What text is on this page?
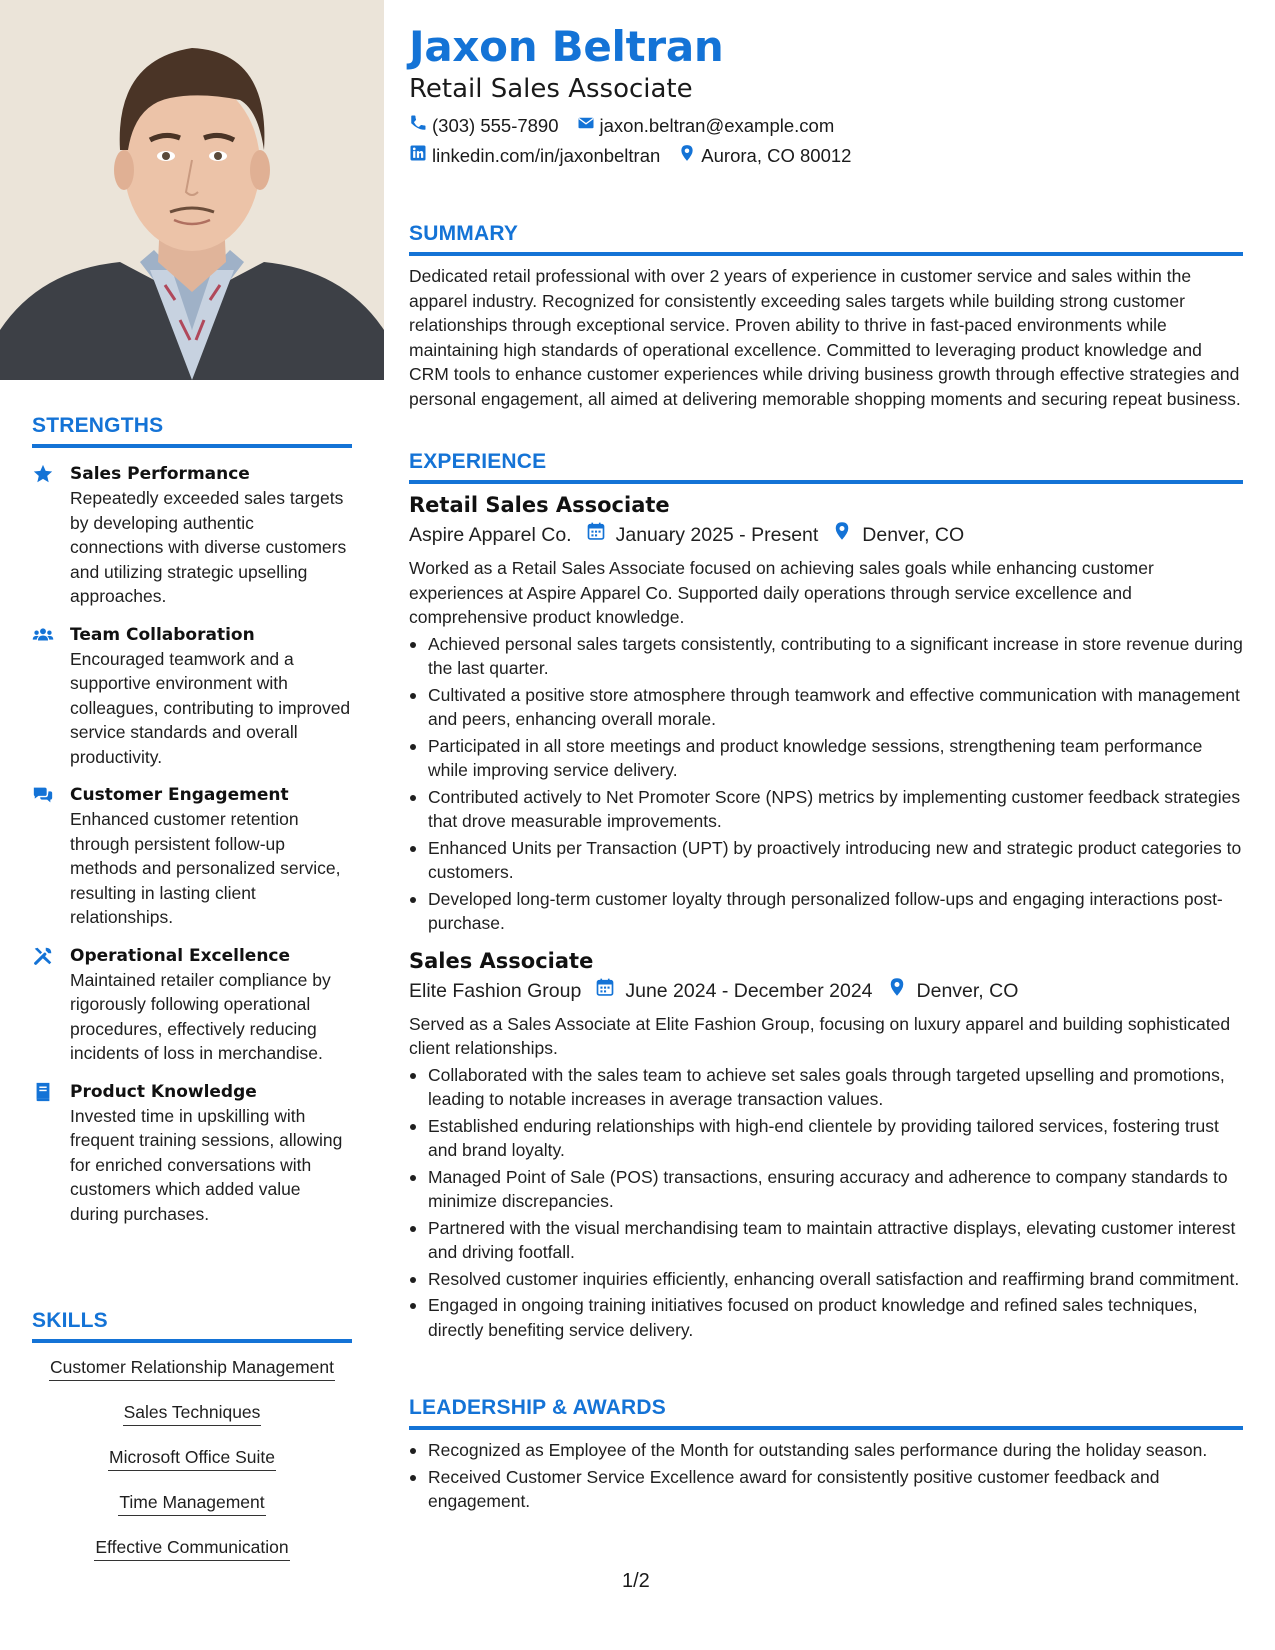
STRENGTHS
Sales Performance
Repeatedly exceeded sales targets by developing authentic connections with diverse customers and utilizing strategic upselling approaches.
Team Collaboration
Encouraged teamwork and a supportive environment with colleagues, contributing to improved service standards and overall productivity.
Customer Engagement
Enhanced customer retention through persistent follow-up methods and personalized service, resulting in lasting client relationships.
Operational Excellence
Maintained retailer compliance by rigorously following operational procedures, effectively reducing incidents of loss in merchandise.
Product Knowledge
Invested time in upskilling with frequent training sessions, allowing for enriched conversations with customers which added value during purchases.
SKILLS
Customer Relationship Management
Sales Techniques
Microsoft Office Suite
Time Management
Effective Communication
Jaxon Beltran
Retail Sales Associate
(303) 555-7890 jaxon.beltran@example.com
linkedin.com/in/jaxonbeltran Aurora, CO 80012
SUMMARY
Dedicated retail professional with over 2 years of experience in customer service and sales within the apparel industry. Recognized for consistently exceeding sales targets while building strong customer relationships through exceptional service. Proven ability to thrive in fast-paced environments while maintaining high standards of operational excellence. Committed to leveraging product knowledge and CRM tools to enhance customer experiences while driving business growth through effective strategies and personal engagement, all aimed at delivering memorable shopping moments and securing repeat business.
EXPERIENCE
Retail Sales Associate
Aspire Apparel Co. January 2025 - Present Denver, CO
Worked as a Retail Sales Associate focused on achieving sales goals while enhancing customer experiences at Aspire Apparel Co. Supported daily operations through service excellence and comprehensive product knowledge.
Achieved personal sales targets consistently, contributing to a significant increase in store revenue during the last quarter.
Cultivated a positive store atmosphere through teamwork and effective communication with management and peers, enhancing overall morale.
Participated in all store meetings and product knowledge sessions, strengthening team performance while improving service delivery.
Contributed actively to Net Promoter Score (NPS) metrics by implementing customer feedback strategies that drove measurable improvements.
Enhanced Units per Transaction (UPT) by proactively introducing new and strategic product categories to customers.
Developed long-term customer loyalty through personalized follow-ups and engaging interactions post-purchase.
Sales Associate
Elite Fashion Group June 2024 - December 2024 Denver, CO
Served as a Sales Associate at Elite Fashion Group, focusing on luxury apparel and building sophisticated client relationships.
Collaborated with the sales team to achieve set sales goals through targeted upselling and promotions, leading to notable increases in average transaction values.
Established enduring relationships with high-end clientele by providing tailored services, fostering trust and brand loyalty.
Managed Point of Sale (POS) transactions, ensuring accuracy and adherence to company standards to minimize discrepancies.
Partnered with the visual merchandising team to maintain attractive displays, elevating customer interest and driving footfall.
Resolved customer inquiries efficiently, enhancing overall satisfaction and reaffirming brand commitment.
Engaged in ongoing training initiatives focused on product knowledge and refined sales techniques, directly benefiting service delivery.
LEADERSHIP & AWARDS
Recognized as Employee of the Month for outstanding sales performance during the holiday season.
Received Customer Service Excellence award for consistently positive customer feedback and engagement.
1/2
